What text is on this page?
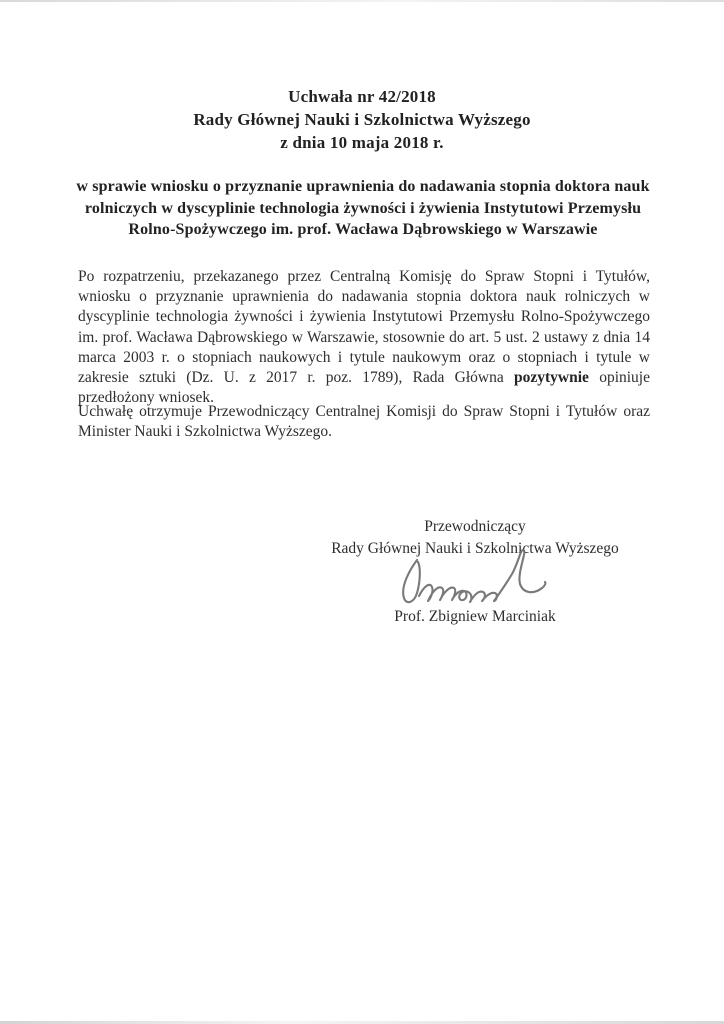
Uchwała nr 42/2018
Rady Głównej Nauki i Szkolnictwa Wyższego
z dnia 10 maja 2018 r.
w sprawie wniosku o przyznanie uprawnienia do nadawania stopnia doktora nauk rolniczych w dyscyplinie technologia żywności i żywienia Instytutowi Przemysłu Rolno-Spożywczego im. prof. Wacława Dąbrowskiego w Warszawie

Po rozpatrzeniu, przekazanego przez Centralną Komisję do Spraw Stopni i Tytułów, wniosku o przyznanie uprawnienia do nadawania stopnia doktora nauk rolniczych w dyscyplinie technologia żywności i żywienia Instytutowi Przemysłu Rolno-Spożywczego im. prof. Wacława Dąbrowskiego w Warszawie, stosownie do art. 5 ust. 2 ustawy z dnia 14 marca 2003 r. o stopniach naukowych i tytule naukowym oraz o stopniach i tytule w zakresie sztuki (Dz. U. z 2017 r. poz. 1789), Rada Główna pozytywnie opiniuje przedłożony wniosek.

Uchwałę otrzymuje Przewodniczący Centralnej Komisji do Spraw Stopni i Tytułów oraz Minister Nauki i Szkolnictwa Wyższego.

Przewodniczący
Rady Głównej Nauki i Szkolnictwa Wyższego
Prof. Zbigniew Marciniak
